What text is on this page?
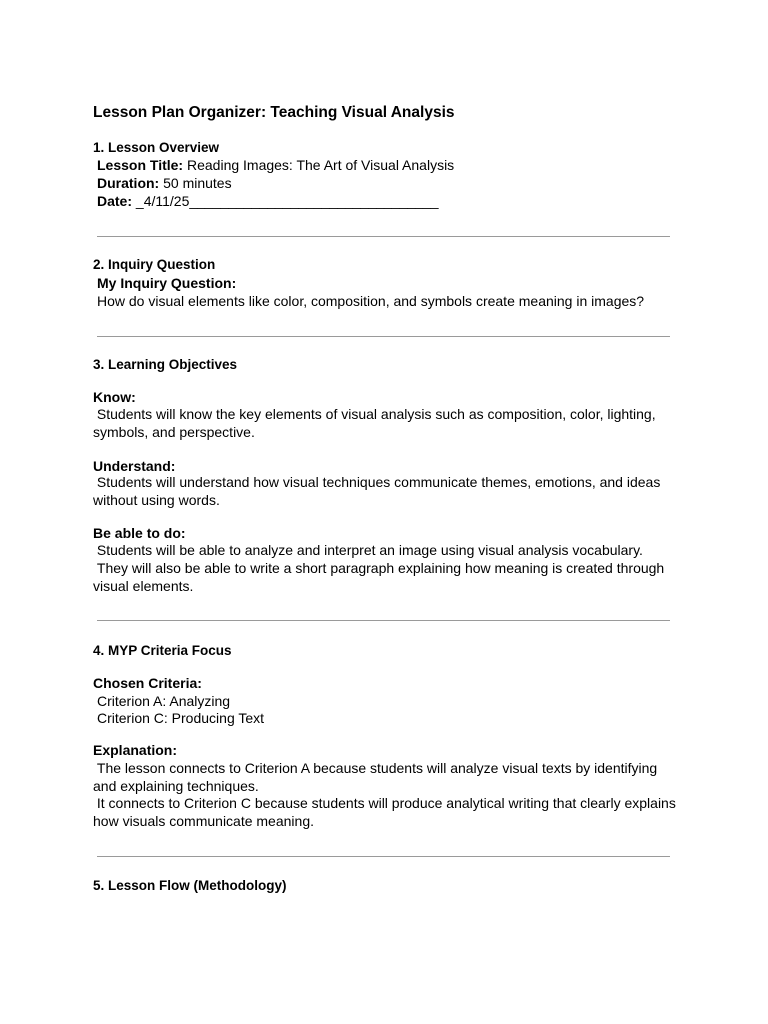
Lesson Plan Organizer: Teaching Visual Analysis
1. Lesson Overview

Lesson Title: Reading Images: The Art of Visual Analysis

Duration: 50 minutes

Date: _4/11/25________________________________

2. Inquiry Question

My Inquiry Question:

How do visual elements like color, composition, and symbols create meaning in images?

3. Learning Objectives

Know:

Students will know the key elements of visual analysis such as composition, color, lighting, symbols, and perspective.

Understand:

Students will understand how visual techniques communicate themes, emotions, and ideas without using words.

Be able to do:

Students will be able to analyze and interpret an image using visual analysis vocabulary.

They will also be able to write a short paragraph explaining how meaning is created through visual elements.

4. MYP Criteria Focus

Chosen Criteria:

Criterion A: Analyzing

Criterion C: Producing Text

Explanation:

The lesson connects to Criterion A because students will analyze visual texts by identifying and explaining techniques.

It connects to Criterion C because students will produce analytical writing that clearly explains how visuals communicate meaning.

5. Lesson Flow (Methodology)
